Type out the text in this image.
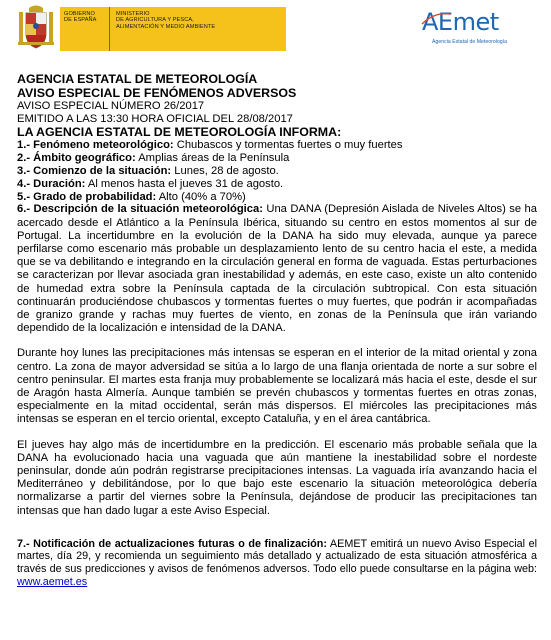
GOBIERNO
DE ESPAÑA
MINISTERIO
DE AGRICULTURA Y PESCA,
ALIMENTACIÓN Y MEDIO AMBIENTE	AEmet
Agencia Estatal de Meteorología

AGENCIA ESTATAL DE METEOROLOGÍA

AVISO ESPECIAL DE FENÓMENOS ADVERSOS

AVISO ESPECIAL NÚMERO 26/2017

EMITIDO A LAS 13:30 HORA OFICIAL DEL 28/08/2017

LA AGENCIA ESTATAL DE METEOROLOGÍA INFORMA:

1.- Fenómeno meteorológico: Chubascos y tormentas fuertes o muy fuertes

2.- Ámbito geográfico: Amplias áreas de la Península

3.- Comienzo de la situación: Lunes, 28 de agosto.

4.- Duración: Al menos hasta el jueves 31 de agosto.

5.- Grado de probabilidad: Alto (40% a 70%)

6.- Descripción de la situación meteorológica: Una DANA (Depresión Aislada de Niveles Altos) se ha acercado desde el Atlántico a la Península Ibérica, situando su centro en estos momentos al sur de Portugal. La incertidumbre en la evolución de la DANA ha sido muy elevada, aunque ya parece perfilarse como escenario más probable un desplazamiento lento de su centro hacia el este, a medida que se va debilitando e integrando en la circulación general en forma de vaguada. Estas perturbaciones se caracterizan por llevar asociada gran inestabilidad y además, en este caso, existe un alto contenido de humedad extra sobre la Península captada de la circulación subtropical. Con esta situación continuarán produciéndose chubascos y tormentas fuertes o muy fuertes, que podrán ir acompañadas de granizo grande y rachas muy fuertes de viento, en zonas de la Península que irán variando dependido de la localización e intensidad de la DANA.

Durante hoy lunes las precipitaciones más intensas se esperan en el interior de la mitad oriental y zona centro. La zona de mayor adversidad se sitúa a lo largo de una flanja orientada de norte a sur sobre el centro peninsular. El martes esta franja muy probablemente se localizará más hacia el este, desde el sur de Aragón hasta Almería. Aunque también se prevén chubascos y tormentas fuertes en otras zonas, especialmente en la mitad occidental, serán más dispersos. El miércoles las precipitaciones más intensas se esperan en el tercio oriental, excepto Cataluña, y en el área cantábrica.

El jueves hay algo más de incertidumbre en la predicción. El escenario más probable señala que la DANA ha evolucionado hacia una vaguada que aún mantiene la inestabilidad sobre el nordeste peninsular, donde aún podrán registrarse precipitaciones intensas. La vaguada iría avanzando hacia el Mediterráneo y debilitándose, por lo que bajo este escenario la situación meteorológica debería normalizarse a partir del viernes sobre la Península, dejándose de producir las precipitaciones tan intensas que han dado lugar a este Aviso Especial.

7.- Notificación de actualizaciones futuras o de finalización: AEMET emitirá un nuevo Aviso Especial el martes, día 29, y recomienda un seguimiento más detallado y actualizado de esta situación atmosférica a través de sus predicciones y avisos de fenómenos adversos. Todo ello puede consultarse en la página web: www.aemet.es
